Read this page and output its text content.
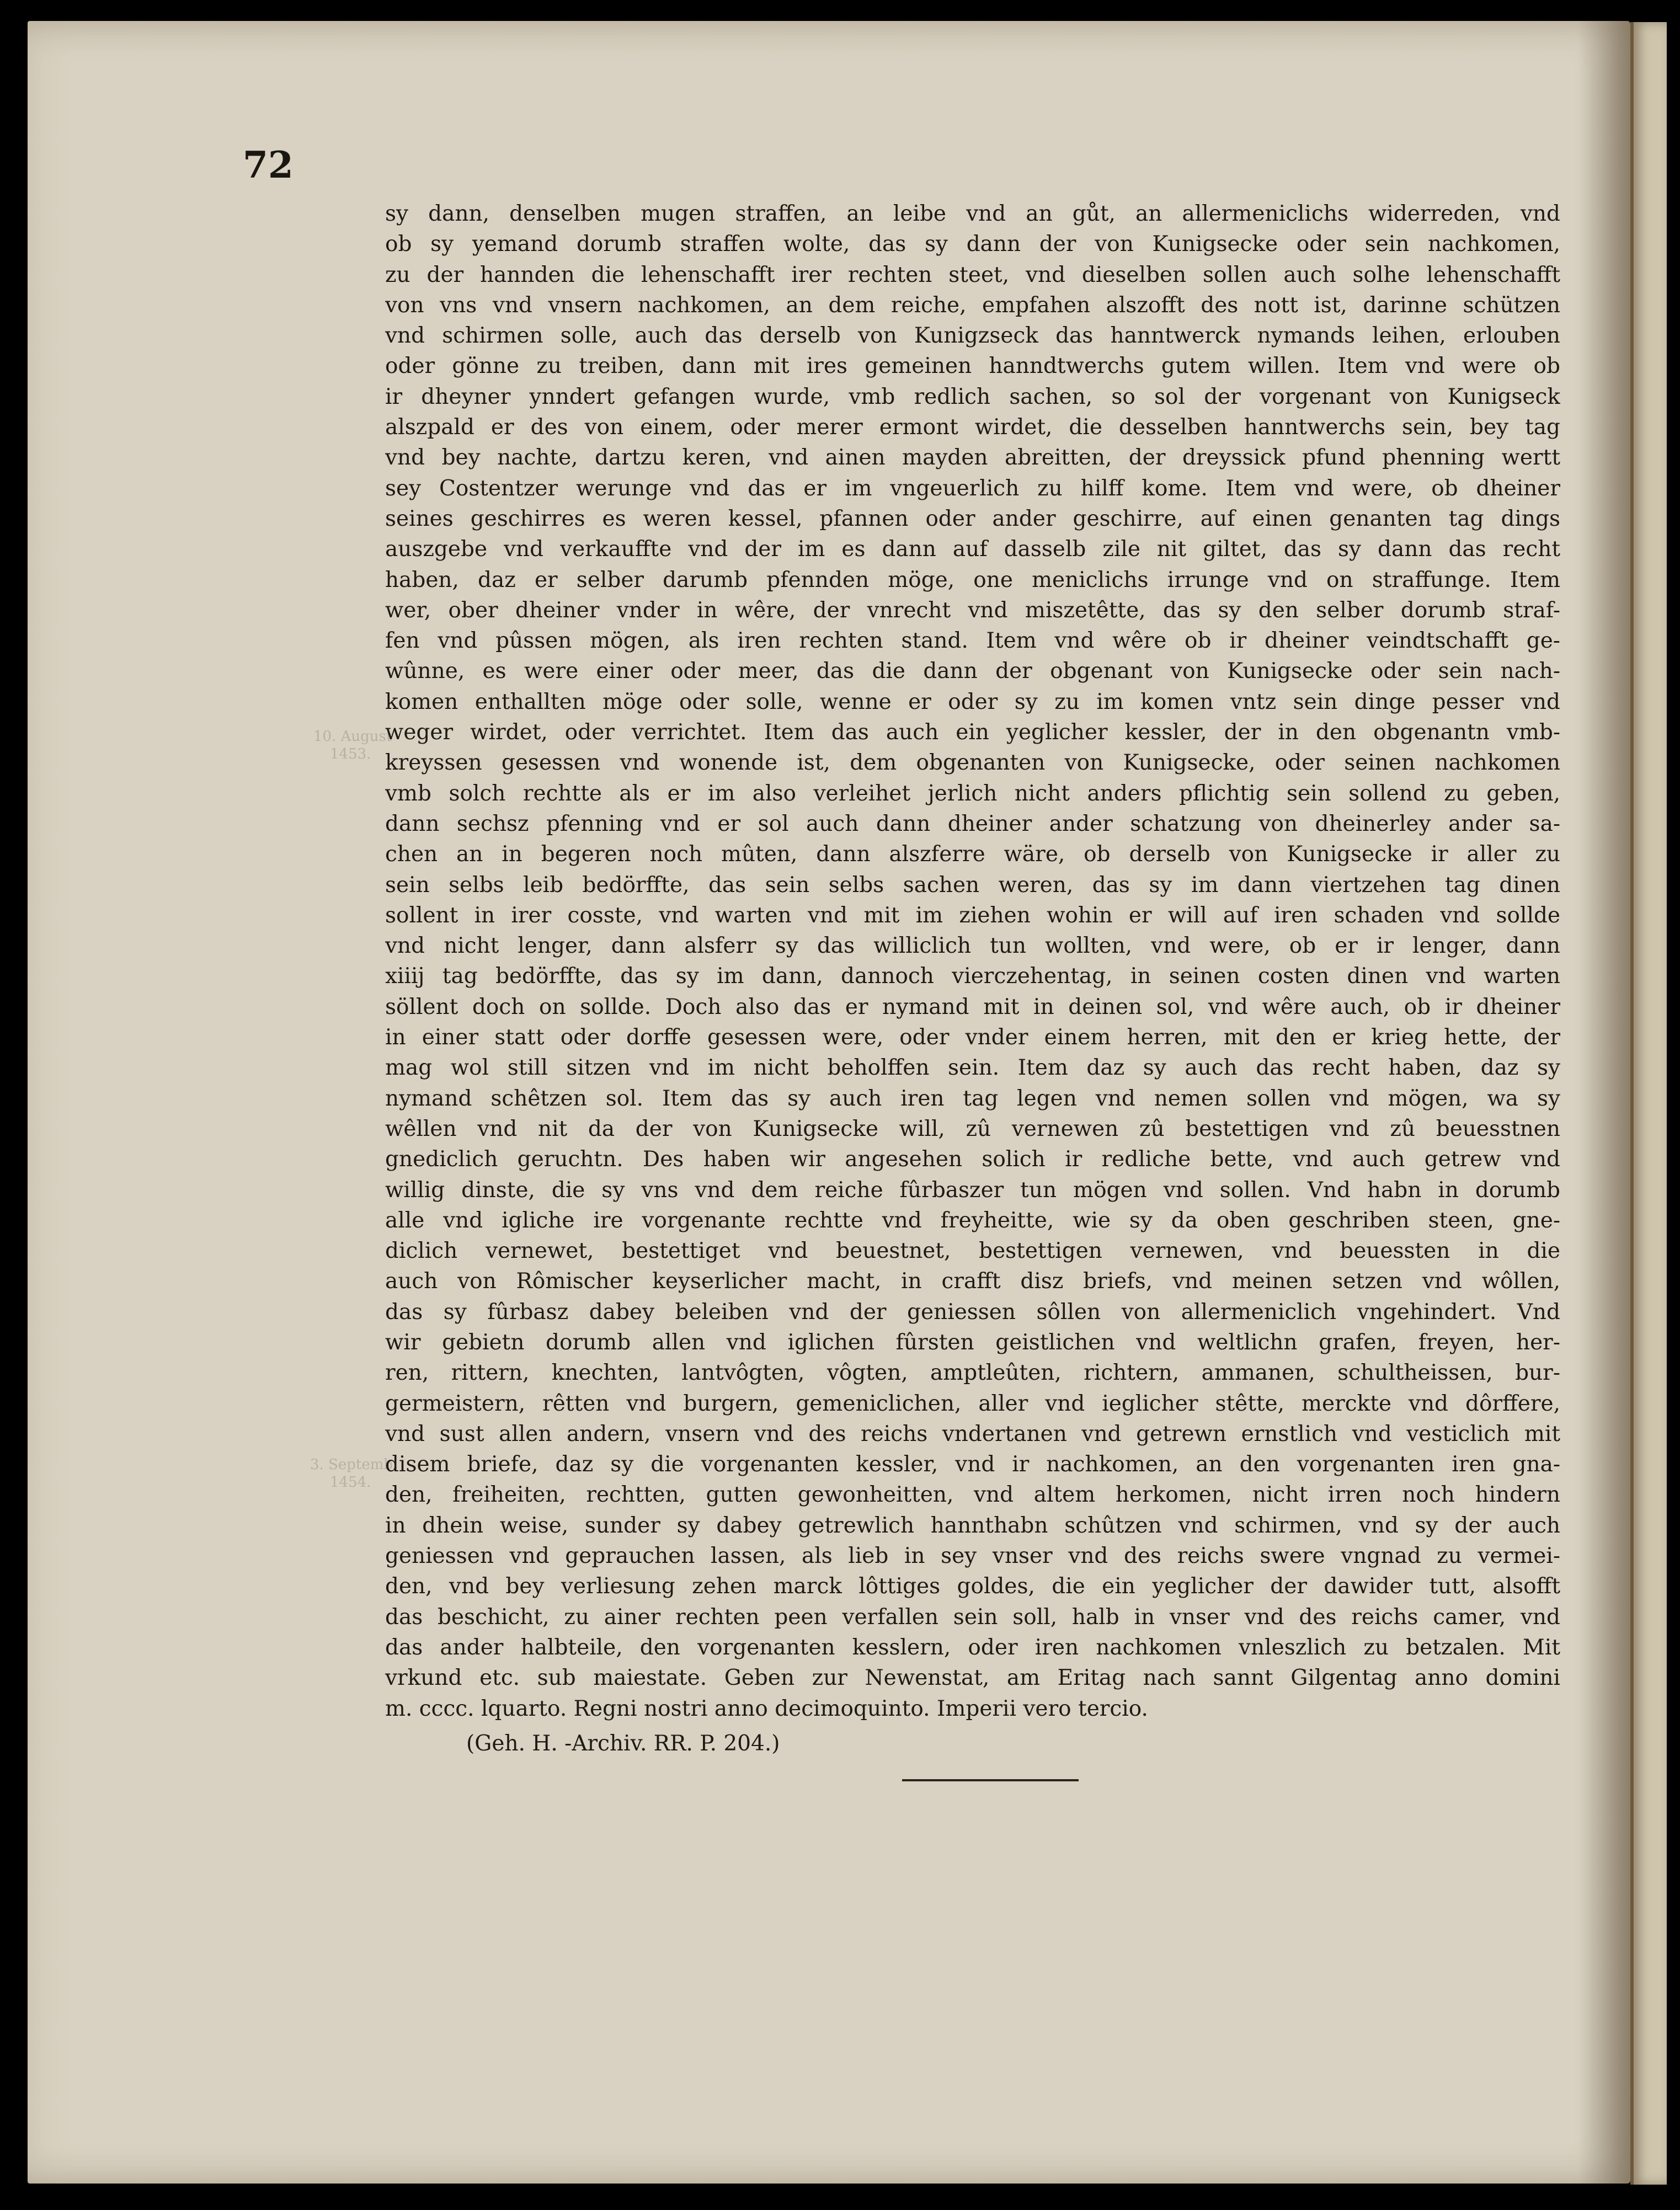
72
10. August
1453.
3. Septemb.
1454.
sy dann, denselben mugen straffen, an leibe vnd an gůt, an allermeniclichs widerreden, vnd
ob sy yemand dorumb straffen wolte, das sy dann der von Kunigsecke oder sein nachkomen,
zu der hannden die lehenschafft irer rechten steet, vnd dieselben sollen auch solhe lehenschafft
von vns vnd vnsern nachkomen, an dem reiche, empfahen alszofft des nott ist, darinne schützen
vnd schirmen solle, auch das derselb von Kunigzseck das hanntwerck nymands leihen, erlouben
oder gönne zu treiben, dann mit ires gemeinen hanndtwerchs gutem willen. Item vnd were ob
ir dheyner ynndert gefangen wurde, vmb redlich sachen, so sol der vorgenant von Kunigseck
alszpald er des von einem, oder merer ermont wirdet, die desselben hanntwerchs sein, bey tag
vnd bey nachte, dartzu keren, vnd ainen mayden abreitten, der dreyssick pfund phenning wertt
sey Costentzer werunge vnd das er im vngeuerlich zu hilff kome. Item vnd were, ob dheiner
seines geschirres es weren kessel, pfannen oder ander geschirre, auf einen genanten tag dings
auszgebe vnd verkauffte vnd der im es dann auf dasselb zile nit giltet, das sy dann das recht
haben, daz er selber darumb pfennden möge, one meniclichs irrunge vnd on straffunge. Item
wer, ober dheiner vnder in wêre, der vnrecht vnd miszetêtte, das sy den selber dorumb straf-
fen vnd pûssen mögen, als iren rechten stand. Item vnd wêre ob ir dheiner veindtschafft ge-
wûnne, es were einer oder meer, das die dann der obgenant von Kunigsecke oder sein nach-
komen enthallten möge oder solle, wenne er oder sy zu im komen vntz sein dinge pesser vnd
weger wirdet, oder verrichtet. Item das auch ein yeglicher kessler, der in den obgenantn vmb-
kreyssen gesessen vnd wonende ist, dem obgenanten von Kunigsecke, oder seinen nachkomen
vmb solch rechtte als er im also verleihet jerlich nicht anders pflichtig sein sollend zu geben,
dann sechsz pfenning vnd er sol auch dann dheiner ander schatzung von dheinerley ander sa-
chen an in begeren noch mûten, dann alszferre wäre, ob derselb von Kunigsecke ir aller zu
sein selbs leib bedörffte, das sein selbs sachen weren, das sy im dann viertzehen tag dinen
sollent in irer cosste, vnd warten vnd mit im ziehen wohin er will auf iren schaden vnd sollde
vnd nicht lenger, dann alsferr sy das williclich tun wollten, vnd were, ob er ir lenger, dann
xiiij tag bedörffte, das sy im dann, dannoch vierczehentag, in seinen costen dinen vnd warten
söllent doch on sollde. Doch also das er nymand mit in deinen sol, vnd wêre auch, ob ir dheiner
in einer statt oder dorffe gesessen were, oder vnder einem herren, mit den er krieg hette, der
mag wol still sitzen vnd im nicht beholffen sein. Item daz sy auch das recht haben, daz sy
nymand schêtzen sol. Item das sy auch iren tag legen vnd nemen sollen vnd mögen, wa sy
wêllen vnd nit da der von Kunigsecke will, zû vernewen zû bestettigen vnd zû beuesstnen
gnediclich geruchtn. Des haben wir angesehen solich ir redliche bette, vnd auch getrew vnd
willig dinste, die sy vns vnd dem reiche fûrbaszer tun mögen vnd sollen. Vnd habn in dorumb
alle vnd igliche ire vorgenante rechtte vnd freyheitte, wie sy da oben geschriben steen, gne-
diclich vernewet, bestettiget vnd beuestnet, bestettigen vernewen, vnd beuessten in die
auch von Rômischer keyserlicher macht, in crafft disz briefs, vnd meinen setzen vnd wôllen,
das sy fûrbasz dabey beleiben vnd der geniessen sôllen von allermeniclich vngehindert. Vnd
wir gebietn dorumb allen vnd iglichen fûrsten geistlichen vnd weltlichn grafen, freyen, her-
ren, rittern, knechten, lantvôgten, vôgten, amptleûten, richtern, ammanen, schultheissen, bur-
germeistern, rêtten vnd burgern, gemeniclichen, aller vnd ieglicher stêtte, merckte vnd dôrffere,
vnd sust allen andern, vnsern vnd des reichs vndertanen vnd getrewn ernstlich vnd vesticlich mit
disem briefe, daz sy die vorgenanten kessler, vnd ir nachkomen, an den vorgenanten iren gna-
den, freiheiten, rechtten, gutten gewonheitten, vnd altem herkomen, nicht irren noch hindern
in dhein weise, sunder sy dabey getrewlich hannthabn schûtzen vnd schirmen, vnd sy der auch
geniessen vnd geprauchen lassen, als lieb in sey vnser vnd des reichs swere vngnad zu vermei-
den, vnd bey verliesung zehen marck lôttiges goldes, die ein yeglicher der dawider tutt, alsofft
das beschicht, zu ainer rechten peen verfallen sein soll, halb in vnser vnd des reichs camer, vnd
das ander halbteile, den vorgenanten kesslern, oder iren nachkomen vnleszlich zu betzalen. Mit
vrkund etc. sub maiestate. Geben zur Newenstat, am Eritag nach sannt Gilgentag anno domini
m. cccc. lquarto. Regni nostri anno decimoquinto. Imperii vero tercio.
(Geh. H. -Archiv. RR. P. 204.)
